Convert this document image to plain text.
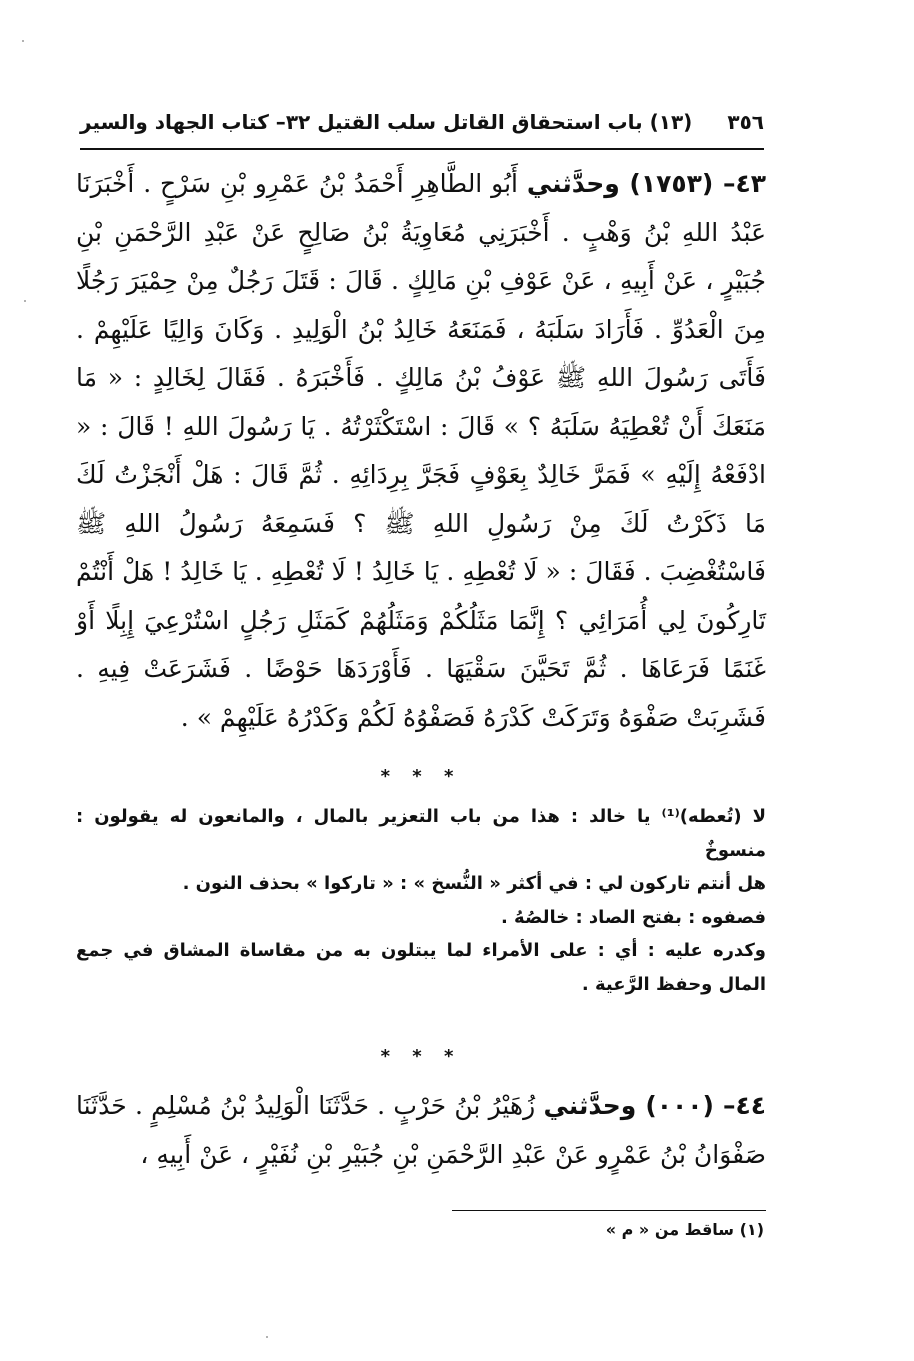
٣٥٦
(١٣) باب استحقاق القاتل سلب القتيل ٣٢– كتاب الجهاد والسير
٤٣– (١٧٥٣) وحدَّثني أَبُو الطَّاهِرِ أَحْمَدُ بْنُ عَمْرِو بْنِ سَرْحٍ . أَخْبَرَنَا عَبْدُ اللهِ بْنُ وَهْبٍ . أَخْبَرَنِي مُعَاوِيَةُ بْنُ صَالِحٍ عَنْ عَبْدِ الرَّحْمَنِ بْنِ جُبَيْرٍ ، عَنْ أَبِيهِ ، عَنْ عَوْفِ بْنِ مَالِكٍ . قَالَ : قَتَلَ رَجُلٌ مِنْ حِمْيَرَ رَجُلًا مِنَ الْعَدُوِّ . فَأَرَادَ سَلَبَهُ ، فَمَنَعَهُ خَالِدُ بْنُ الْوَلِيدِ . وَكَانَ وَالِيًا عَلَيْهِمْ . فَأَتَى رَسُولَ اللهِ ﷺ عَوْفُ بْنُ مَالِكٍ . فَأَخْبَرَهُ . فَقَالَ لِخَالِدٍ : « مَا مَنَعَكَ أَنْ تُعْطِيَهُ سَلَبَهُ ؟ » قَالَ : اسْتَكْثَرْتُهُ . يَا رَسُولَ اللهِ ! قَالَ : « ادْفَعْهُ إِلَيْهِ » فَمَرَّ خَالِدٌ بِعَوْفٍ فَجَرَّ بِرِدَائِهِ . ثُمَّ قَالَ : هَلْ أَنْجَزْتُ لَكَ مَا ذَكَرْتُ لَكَ مِنْ رَسُولِ اللهِ ﷺ ؟ فَسَمِعَهُ رَسُولُ اللهِ ﷺ فَاسْتُغْضِبَ . فَقَالَ : « لَا تُعْطِهِ . يَا خَالِدُ ! لَا تُعْطِهِ . يَا خَالِدُ ! هَلْ أَنْتُمْ تَارِكُونَ لِي أُمَرَائِي ؟ إِنَّمَا مَثَلُكُمْ وَمَثَلُهُمْ كَمَثَلِ رَجُلٍ اسْتُرْعِيَ إِبِلًا أَوْ غَنَمًا فَرَعَاهَا . ثُمَّ تَحَيَّنَ سَقْيَهَا . فَأَوْرَدَهَا حَوْضًا . فَشَرَعَتْ فِيهِ . فَشَرِبَتْ صَفْوَهُ وَتَرَكَتْ كَدْرَهُ فَصَفْوُهُ لَكُمْ وَكَدْرُهُ عَلَيْهِمْ » .
* * *

لا (تُعطه)⁽¹⁾ يا خالد : هذا من باب التعزير بالمال ، والمانعون له يقولون : منسوخٌ

هل أنتم تاركون لي : في أكثر « النُّسخ » : « تاركوا » بحذف النون .

فصفوه : بفتح الصاد : خالصُهُ .

وكدره عليه : أي : على الأمراء لما يبتلون به من مقاساة المشاق في جمع المال وحفظ الرَّعية .

* * *
٤٤– (٠٠٠) وحدَّثني زُهَيْرُ بْنُ حَرْبٍ . حَدَّثَنَا الْوَلِيدُ بْنُ مُسْلِمٍ . حَدَّثَنَا صَفْوَانُ بْنُ عَمْرٍو عَنْ عَبْدِ الرَّحْمَنِ بْنِ جُبَيْرِ بْنِ نُفَيْرٍ ، عَنْ أَبِيهِ ،
(١) ساقط من « م »
